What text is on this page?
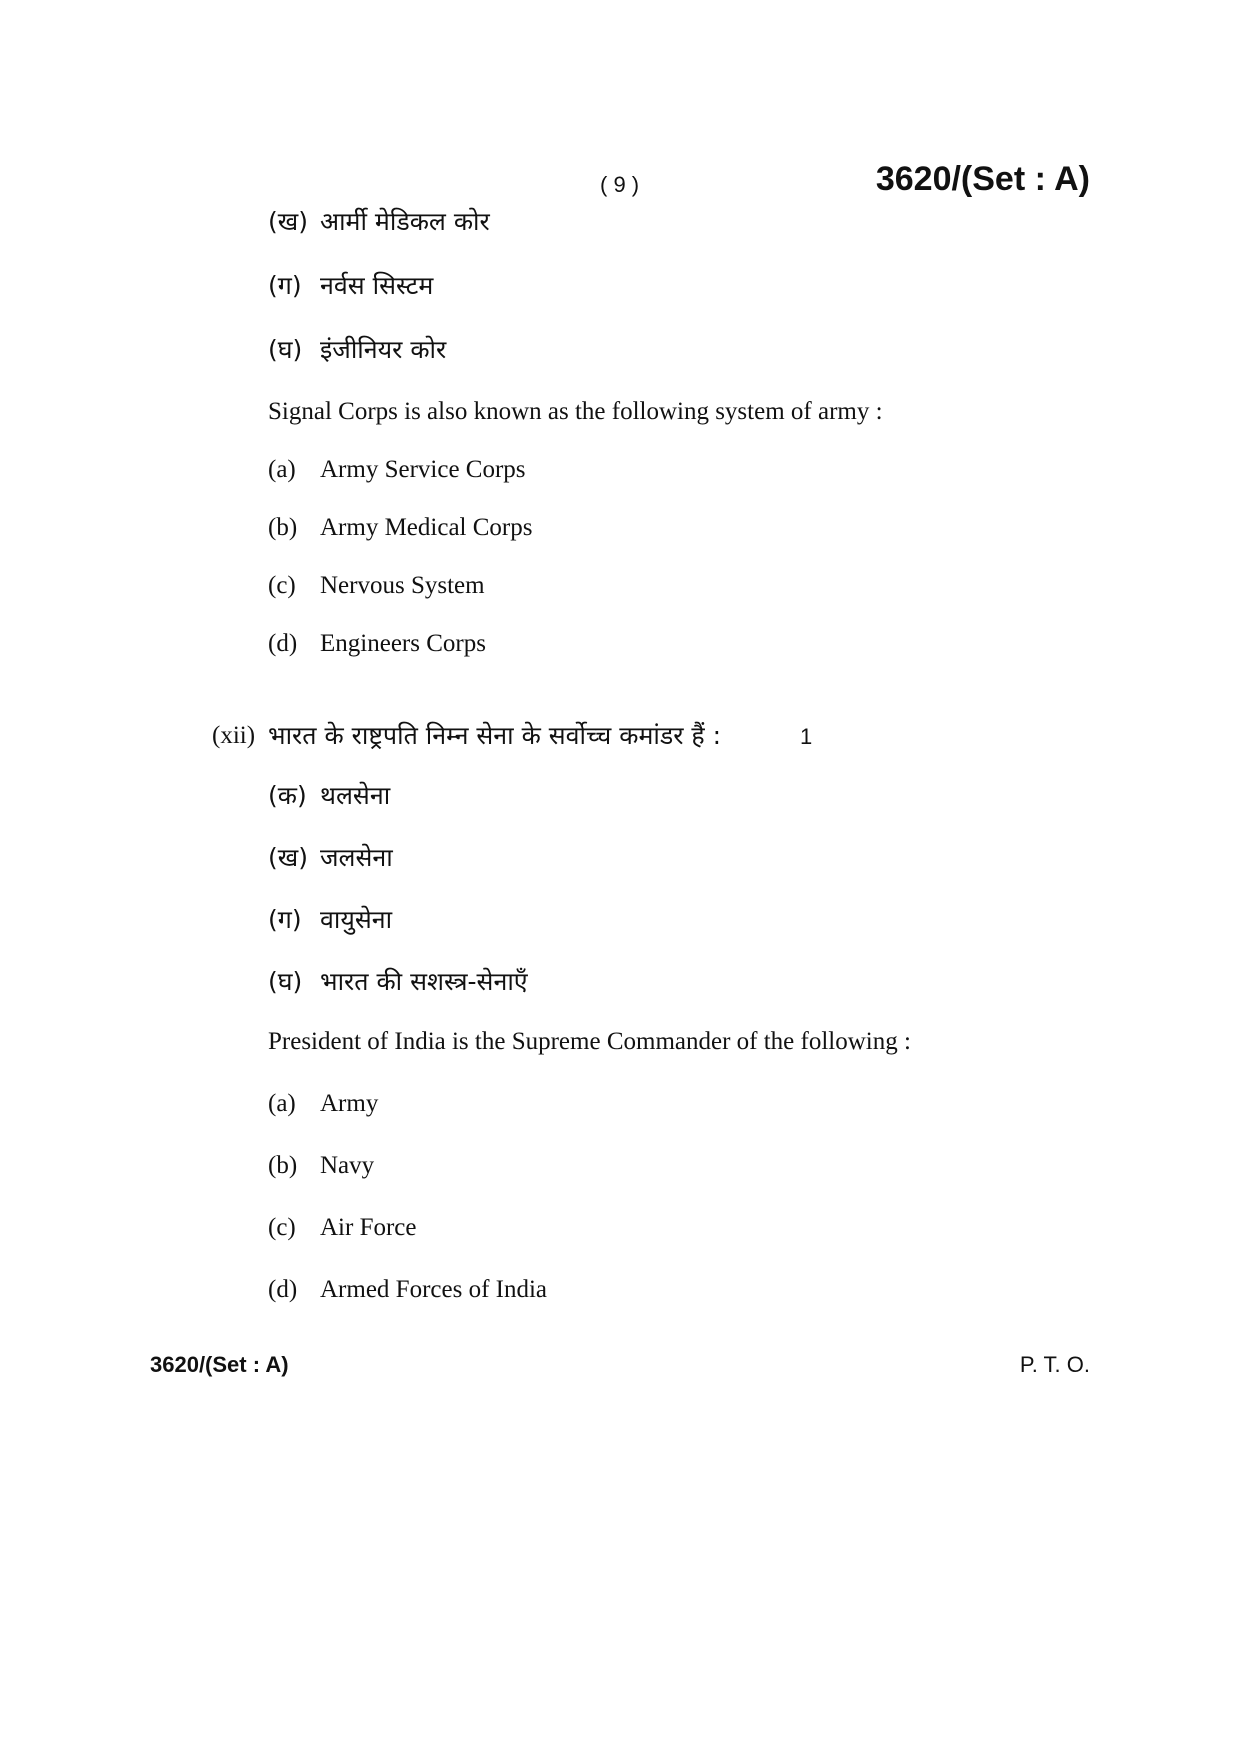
( 9 )	3620/(Set : A)
(ख) आर्मी मेडिकल कोर
(ग) नर्वस सिस्टम
(घ) इंजीनियर कोर
Signal Corps is also known as the following system of army :
(a) Army Service Corps
(b) Army Medical Corps
(c) Nervous System
(d) Engineers Corps
(xii) भारत के राष्ट्रपति निम्न सेना के सर्वोच्च कमांडर हैं :	1
(क) थलसेना
(ख) जलसेना
(ग) वायुसेना
(घ) भारत की सशस्त्र-सेनाएँ
President of India is the Supreme Commander of the following :
(a) Army
(b) Navy
(c) Air Force
(d) Armed Forces of India
3620/(Set : A)	P. T. O.
